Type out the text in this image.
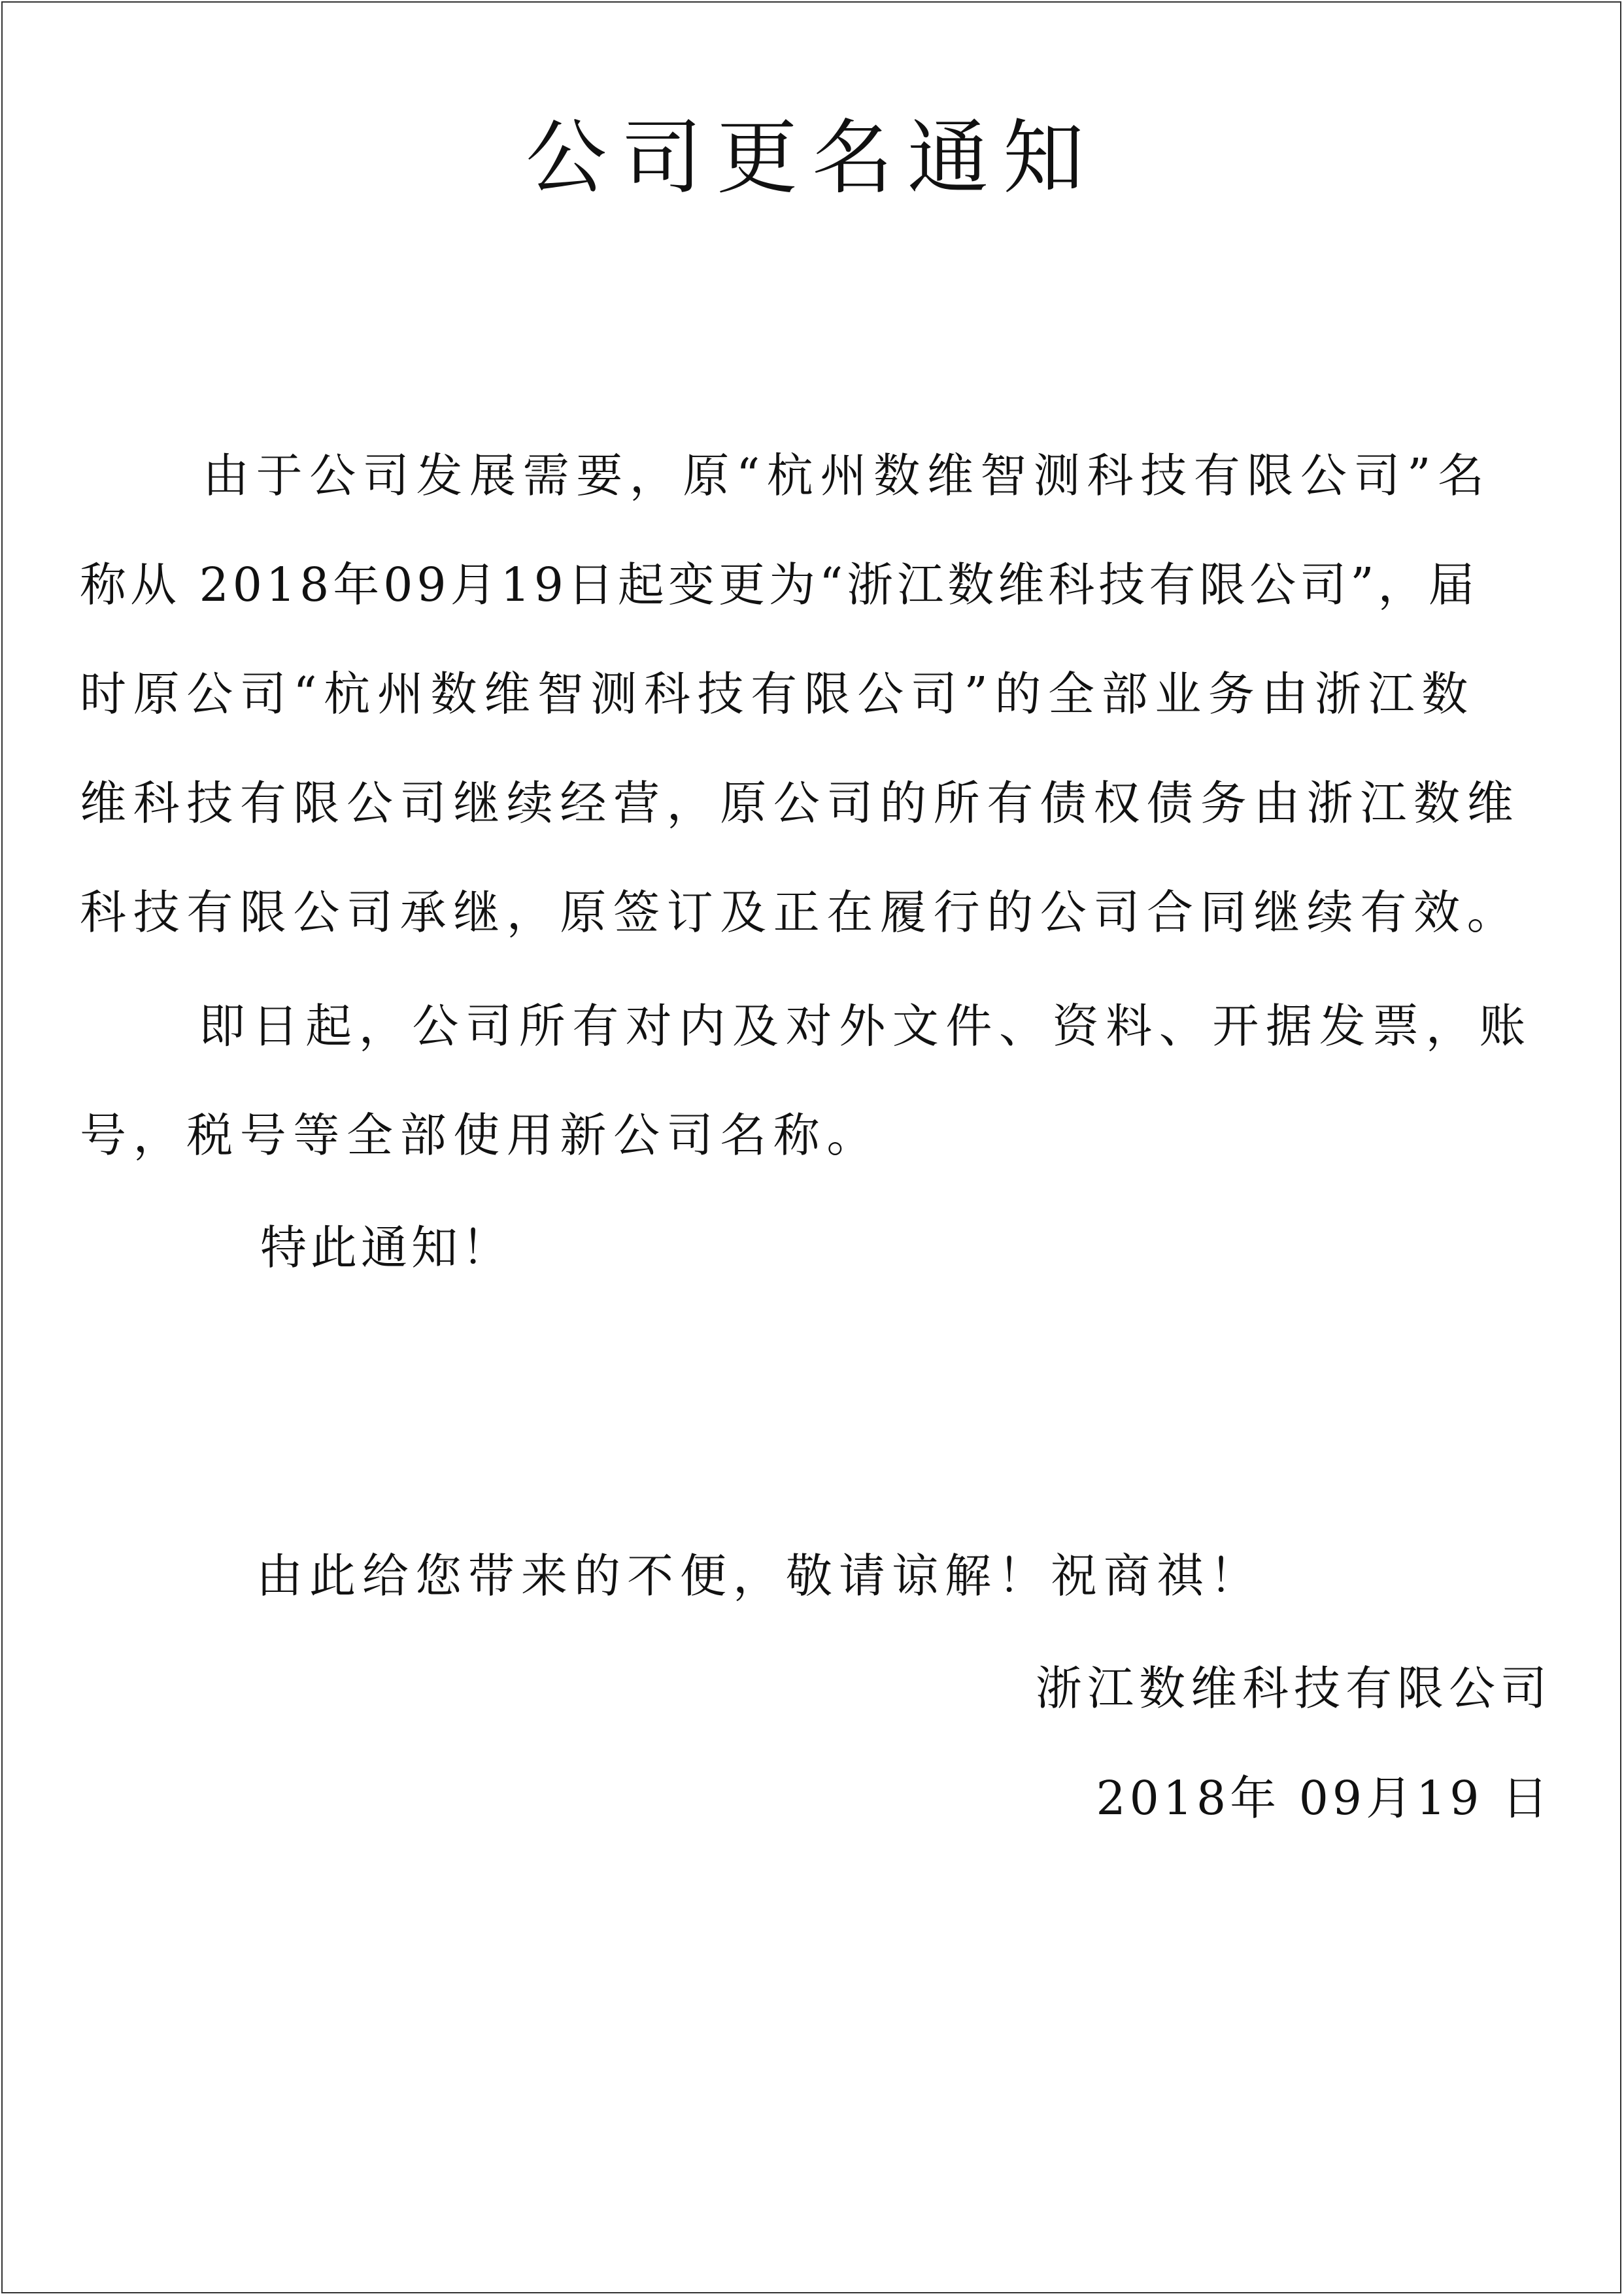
公司更名通知

由于公司发展需要，原“杭州数维智测科技有限公司”名

称从 2018年09月19日起变更为“浙江数维科技有限公司”，届

时原公司“杭州数维智测科技有限公司”的全部业务由浙江数

维科技有限公司继续经营，原公司的所有债权债务由浙江数维

科技有限公司承继，原签订及正在履行的公司合同继续有效。

即日起，公司所有对内及对外文件、资料、开据发票，账

号，税号等全部使用新公司名称。

特此通知！

由此给您带来的不便，敬请谅解！祝商祺！

浙江数维科技有限公司

2018年 09月19 日
